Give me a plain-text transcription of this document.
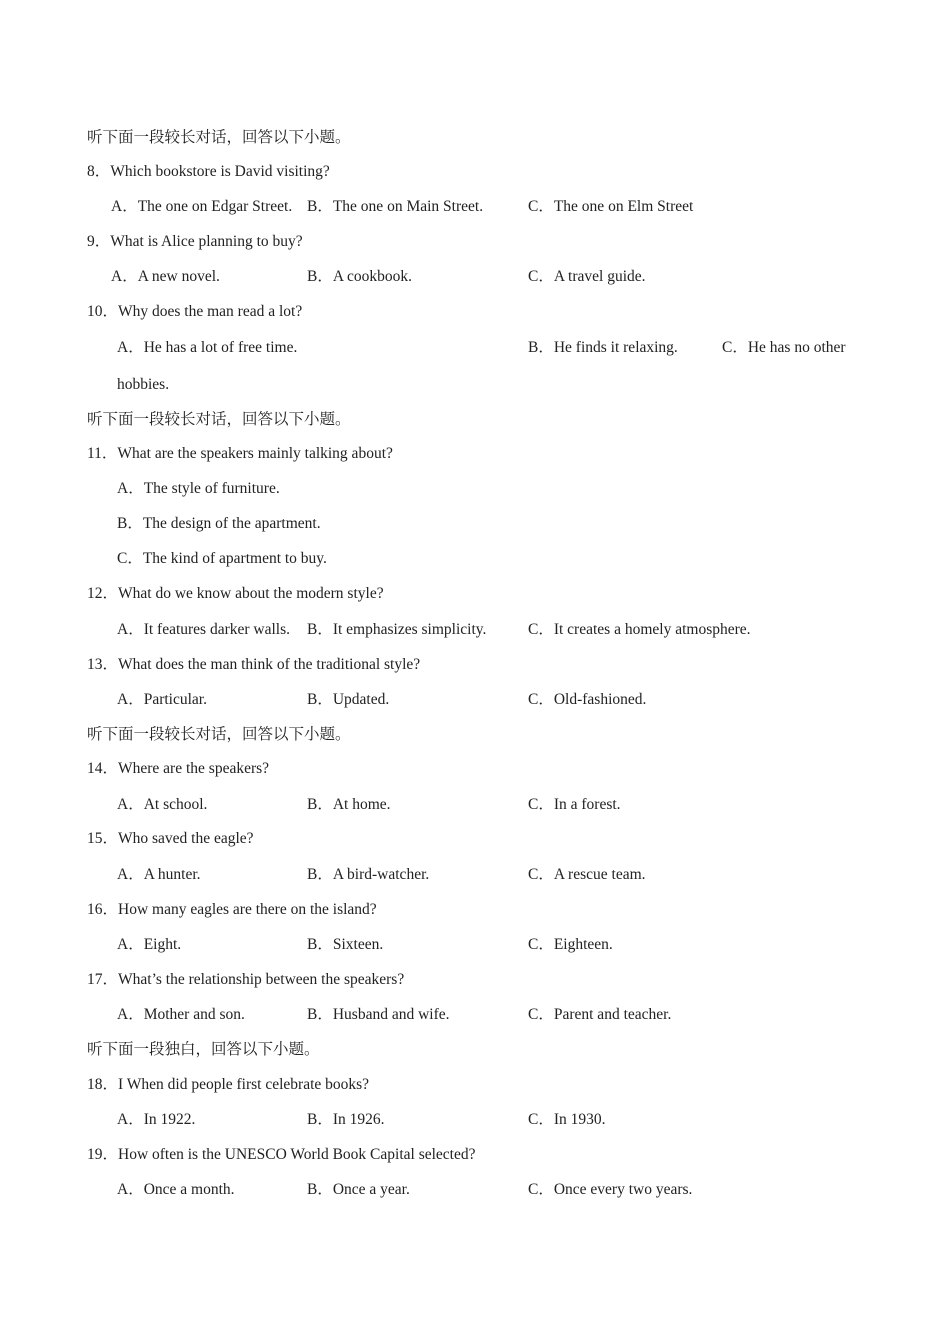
听下面一段较长对话，回答以下小题。
8．Which bookstore is David visiting?
A．The one on Edgar Street. B．The one on Main Street.	C．The one on Elm Street
9．What is Alice planning to buy?
A．A new novel.	B．A cookbook.	C．A travel guide.
10．Why does the man read a lot?
A．He has a lot of free time.	B．He finds it relaxing.	C．He has no other
hobbies.
听下面一段较长对话，回答以下小题。
11．What are the speakers mainly talking about?
A．The style of furniture.
B．The design of the apartment.
C．The kind of apartment to buy.
12．What do we know about the modern style?
A．It features darker walls. B．It emphasizes simplicity.	C．It creates a homely atmosphere.
13．What does the man think of the traditional style?
A．Particular.	B．Updated.	C．Old-fashioned.
听下面一段较长对话，回答以下小题。
14．Where are the speakers?
A．At school.	B．At home.	C．In a forest.
15．Who saved the eagle?
A．A hunter.	B．A bird-watcher.	C．A rescue team.
16．How many eagles are there on the island?
A．Eight.	B．Sixteen.	C．Eighteen.
17．What’s the relationship between the speakers?
A．Mother and son.	B．Husband and wife.	C．Parent and teacher.
听下面一段独白，回答以下小题。
18．I When did people first celebrate books?
A．In 1922.	B．In 1926.	C．In 1930.
19．How often is the UNESCO World Book Capital selected?
A．Once a month.	B．Once a year.	C．Once every two years.
